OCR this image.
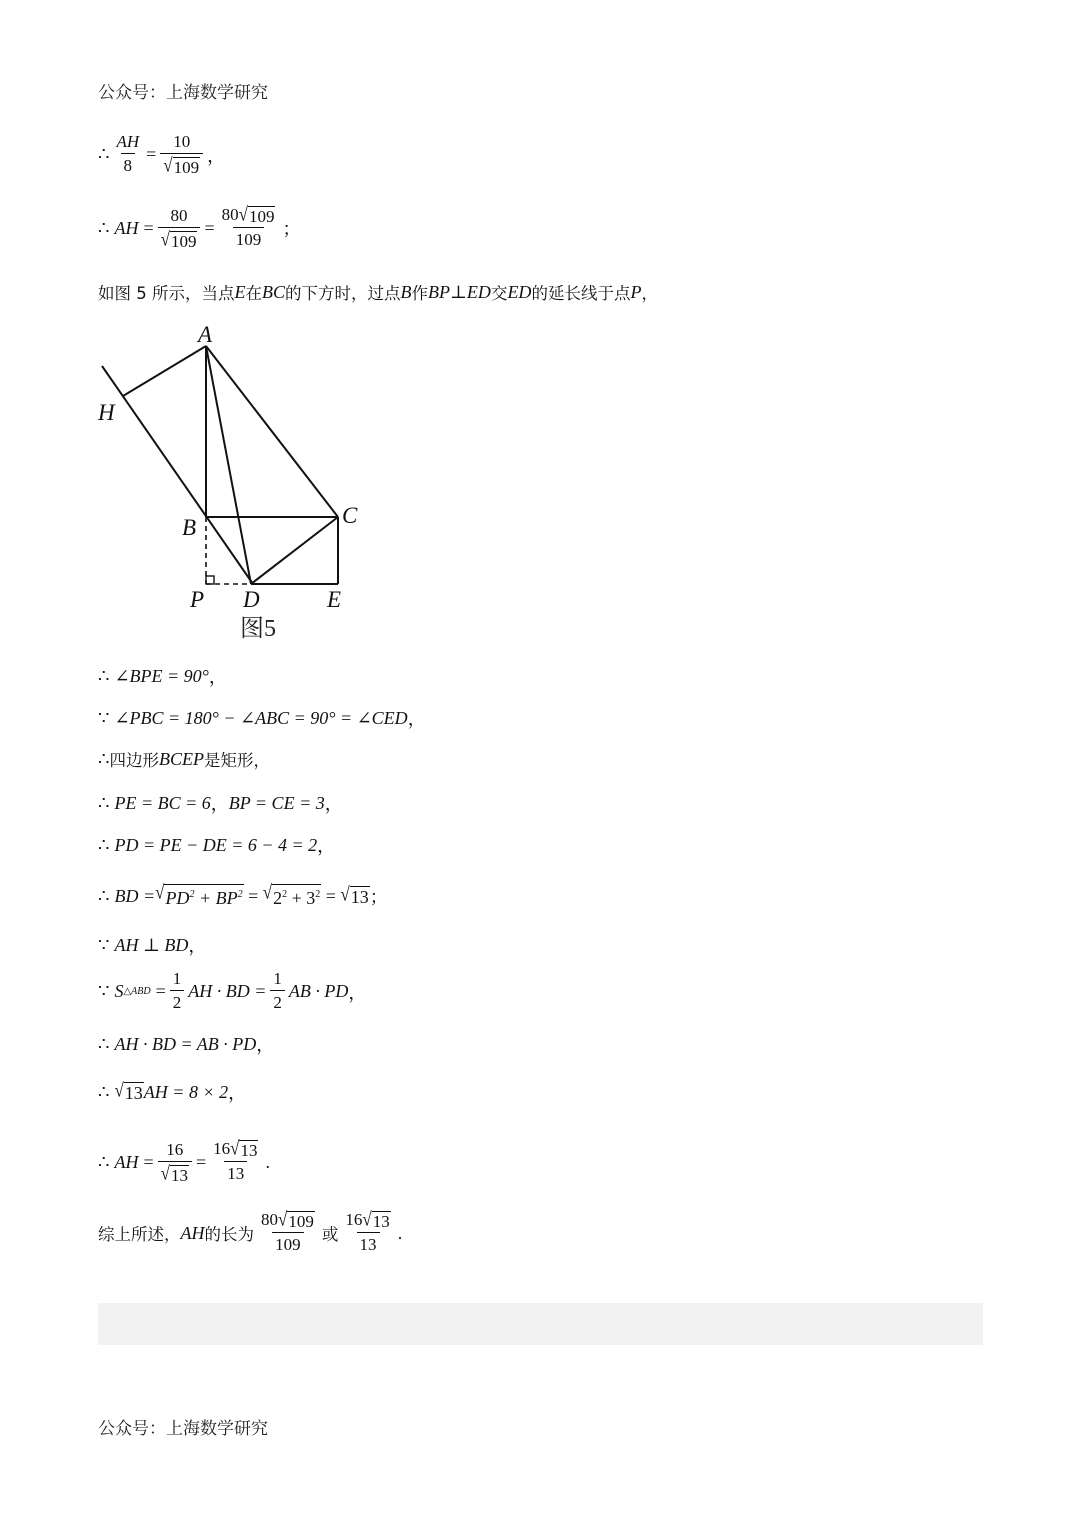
公众号：上海数学研究
∴ $\frac{AH}{8} = \frac{10}{√ 109}$ ，
∴ AH = $\frac{80}{√ 109} = \frac{80 √ 109}{109}$ ；
如图 5 所示，当点 E 在 BC 的下方时，过点 B 作 BP⊥ED 交 ED 的延长线于点 P ，
A
H
B	C
P D	E
图5
∴ ∠BPE = 90° ，
∵ ∠PBC = 180° − ∠ABC = 90° = ∠CED ，
∴ 四边形 BCEP 是矩形，
∴ PE = BC = 6 ， BP = CE = 3 ，
∴ PD = PE − DE = 6 − 4 = 2 ，
∴ BD = √ $PD^2 + BP^2$ = √ $2^2 + 3^2$ = √ 13 ；
∵ AH ⊥ BD ，
∵ S △ABD = $\frac{1}{2}$ AH · BD = $\frac{1}{2}$ AB · PD ，
∴ AH · BD = AB · PD ，
∴ √ 13 AH = 8 × 2 ，
∴ AH = $\frac{16}{√ 13} = \frac{16 √ 13}{13}$ .
综上所述， AH 的长为 $\frac{80 √ 109}{109}$ 或 $\frac{16 √ 13}{13}$ .
公众号：上海数学研究
